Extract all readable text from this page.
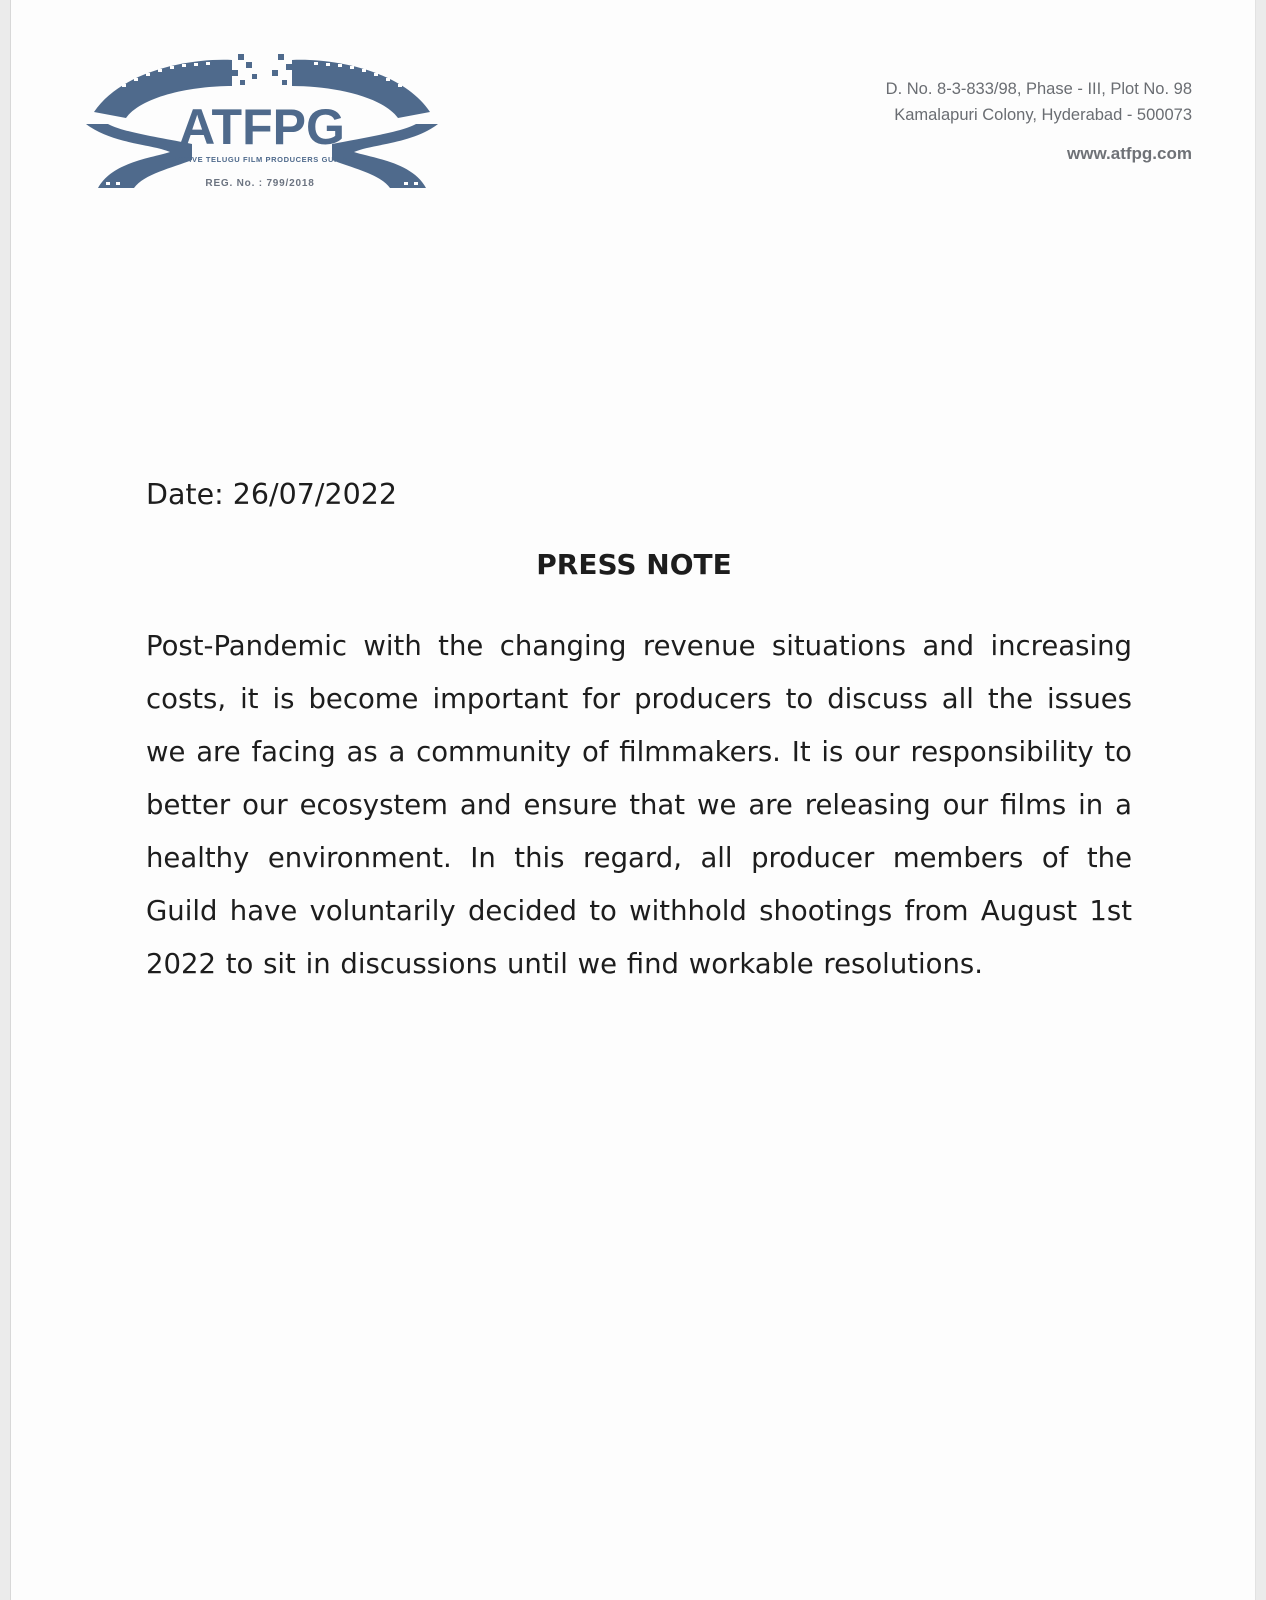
ATFPG
ACTIVE TELUGU FILM PRODUCERS GUILD
REG. No. : 799/2018
D. No. 8-3-833/98, Phase - III, Plot No. 98
Kamalapuri Colony, Hyderabad - 500073
www.atfpg.com
Date: 26/07/2022
PRESS NOTE
Post-Pandemic with the changing revenue situations and increasing costs, it is become important for producers to discuss all the issues we are facing as a community of filmmakers. It is our responsibility to better our ecosystem and ensure that we are releasing our films in a healthy environment. In this regard, all producer members of the Guild have voluntarily decided to withhold shootings from August 1st 2022 to sit in discussions until we find workable resolutions.
